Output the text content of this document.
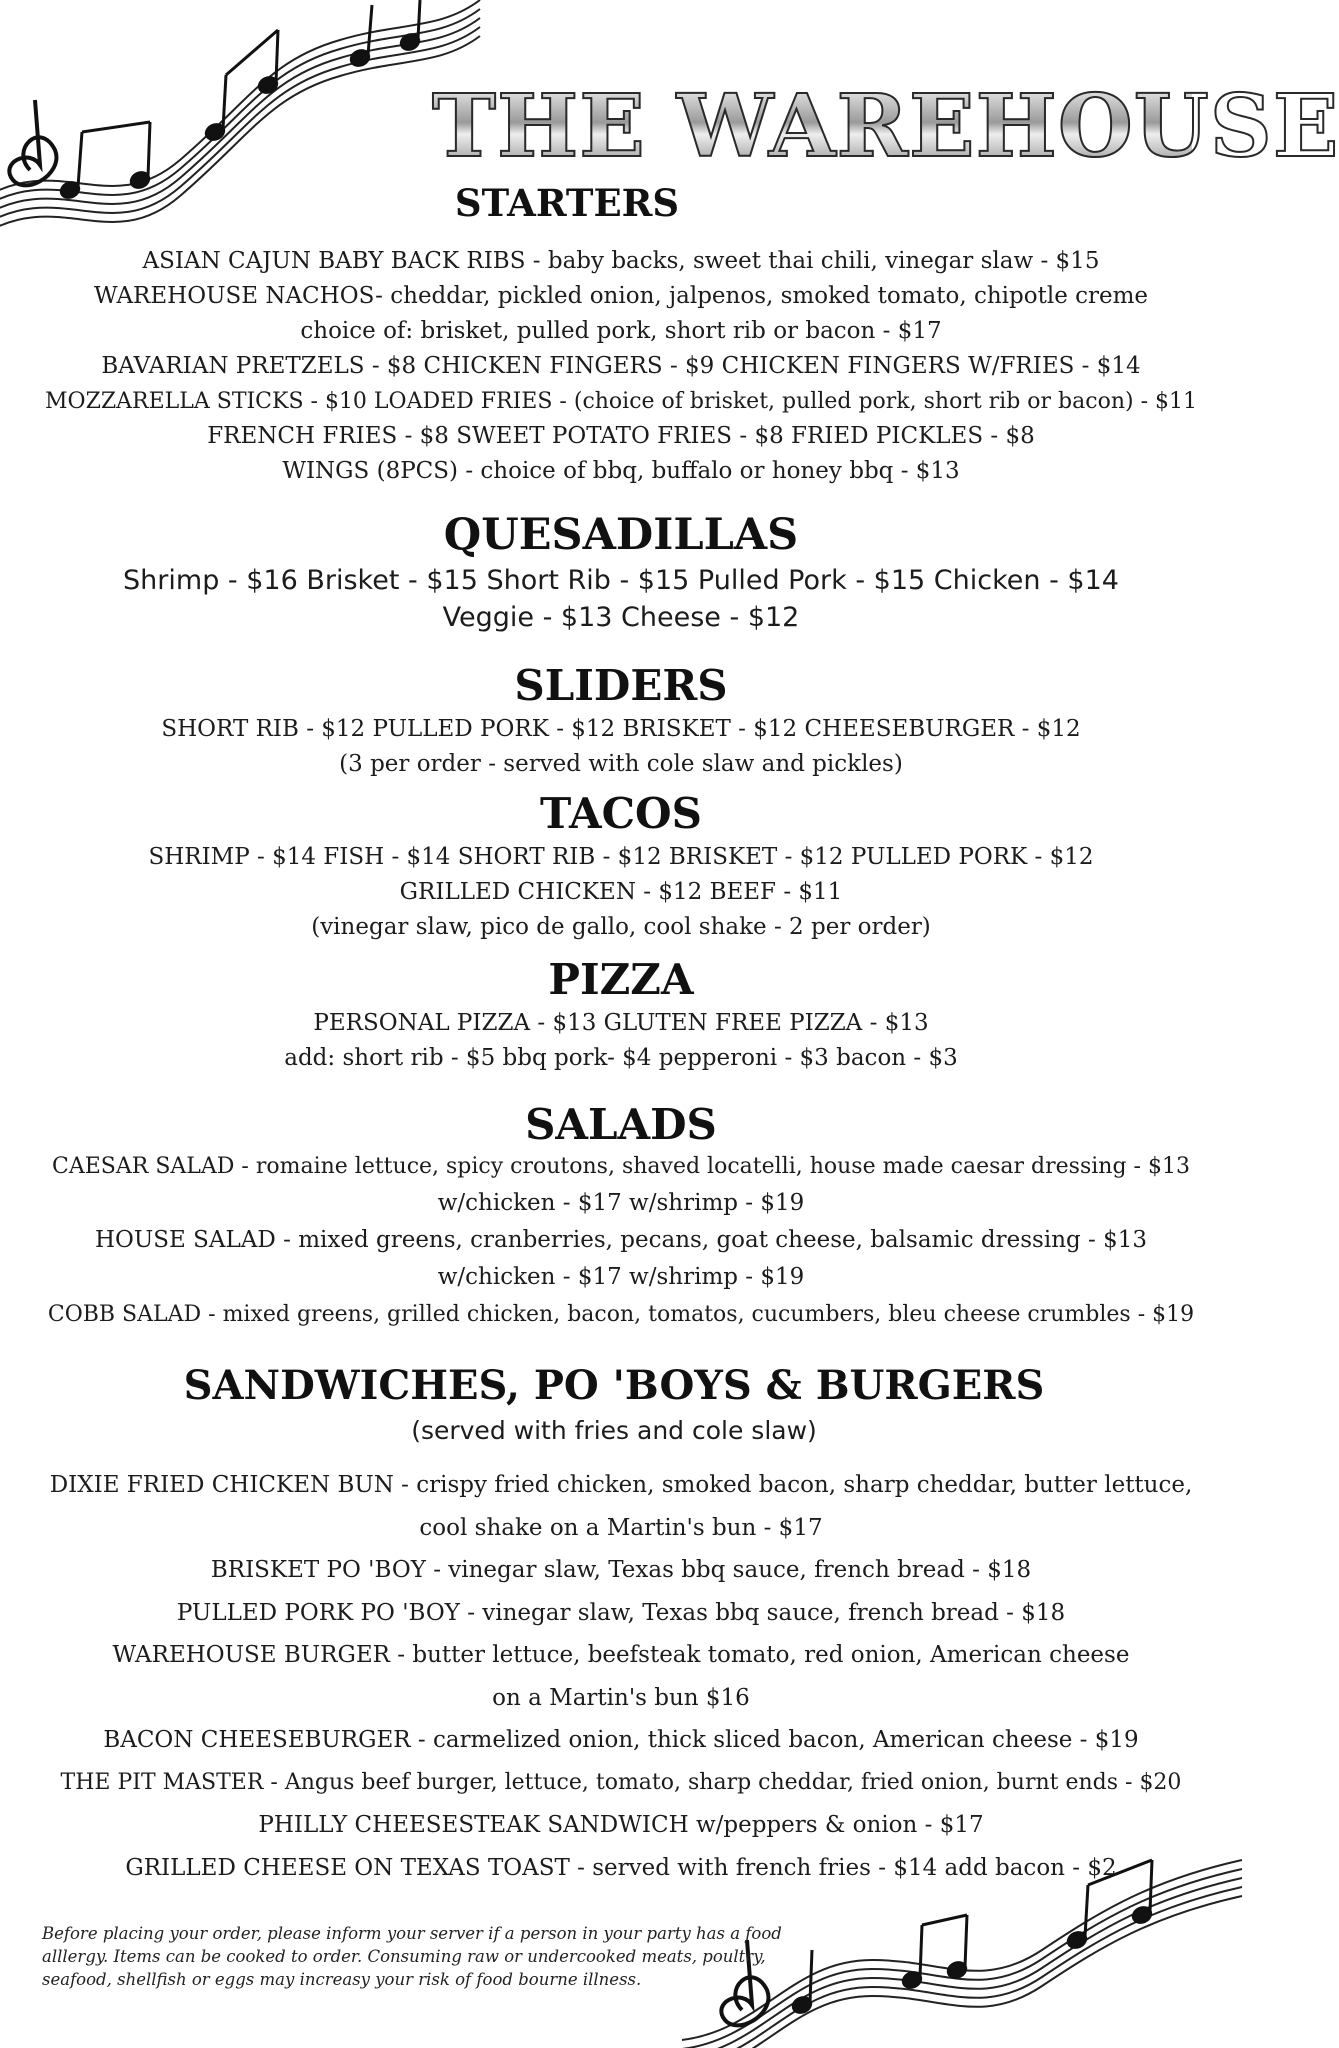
THE WAREHOUSE
STARTERS
ASIAN CAJUN BABY BACK RIBS - baby backs, sweet thai chili, vinegar slaw - $15
WAREHOUSE NACHOS- cheddar, pickled onion, jalpenos, smoked tomato, chipotle creme
choice of: brisket, pulled pork, short rib or bacon - $17
BAVARIAN PRETZELS - $8 CHICKEN FINGERS - $9 CHICKEN FINGERS W/FRIES - $14
MOZZARELLA STICKS - $10 LOADED FRIES - (choice of brisket, pulled pork, short rib or bacon) - $11
FRENCH FRIES - $8 SWEET POTATO FRIES - $8 FRIED PICKLES - $8
WINGS (8PCS) - choice of bbq, buffalo or honey bbq - $13
QUESADILLAS
Shrimp - $16 Brisket - $15 Short Rib - $15 Pulled Pork - $15 Chicken - $14
Veggie - $13 Cheese - $12
SLIDERS
SHORT RIB - $12 PULLED PORK - $12 BRISKET - $12 CHEESEBURGER - $12
(3 per order - served with cole slaw and pickles)
TACOS
SHRIMP - $14 FISH - $14 SHORT RIB - $12 BRISKET - $12 PULLED PORK - $12
GRILLED CHICKEN - $12 BEEF - $11
(vinegar slaw, pico de gallo, cool shake - 2 per order)
PIZZA
PERSONAL PIZZA - $13 GLUTEN FREE PIZZA - $13
add: short rib - $5 bbq pork- $4 pepperoni - $3 bacon - $3
SALADS
CAESAR SALAD - romaine lettuce, spicy croutons, shaved locatelli, house made caesar dressing - $13
w/chicken - $17 w/shrimp - $19
HOUSE SALAD - mixed greens, cranberries, pecans, goat cheese, balsamic dressing - $13
w/chicken - $17 w/shrimp - $19
COBB SALAD - mixed greens, grilled chicken, bacon, tomatos, cucumbers, bleu cheese crumbles - $19
SANDWICHES, PO 'BOYS & BURGERS
(served with fries and cole slaw)
DIXIE FRIED CHICKEN BUN - crispy fried chicken, smoked bacon, sharp cheddar, butter lettuce,
cool shake on a Martin's bun - $17
BRISKET PO 'BOY - vinegar slaw, Texas bbq sauce, french bread - $18
PULLED PORK PO 'BOY - vinegar slaw, Texas bbq sauce, french bread - $18
WAREHOUSE BURGER - butter lettuce, beefsteak tomato, red onion, American cheese
on a Martin's bun $16
BACON CHEESEBURGER - carmelized onion, thick sliced bacon, American cheese - $19
THE PIT MASTER - Angus beef burger, lettuce, tomato, sharp cheddar, fried onion, burnt ends - $20
PHILLY CHEESESTEAK SANDWICH w/peppers & onion - $17
GRILLED CHEESE ON TEXAS TOAST - served with french fries - $14 add bacon - $2
Before placing your order, please inform your server if a person in your party has a food
alllergy. Items can be cooked to order. Consuming raw or undercooked meats, poultry,
seafood, shellfish or eggs may increasy your risk of food bourne illness.
